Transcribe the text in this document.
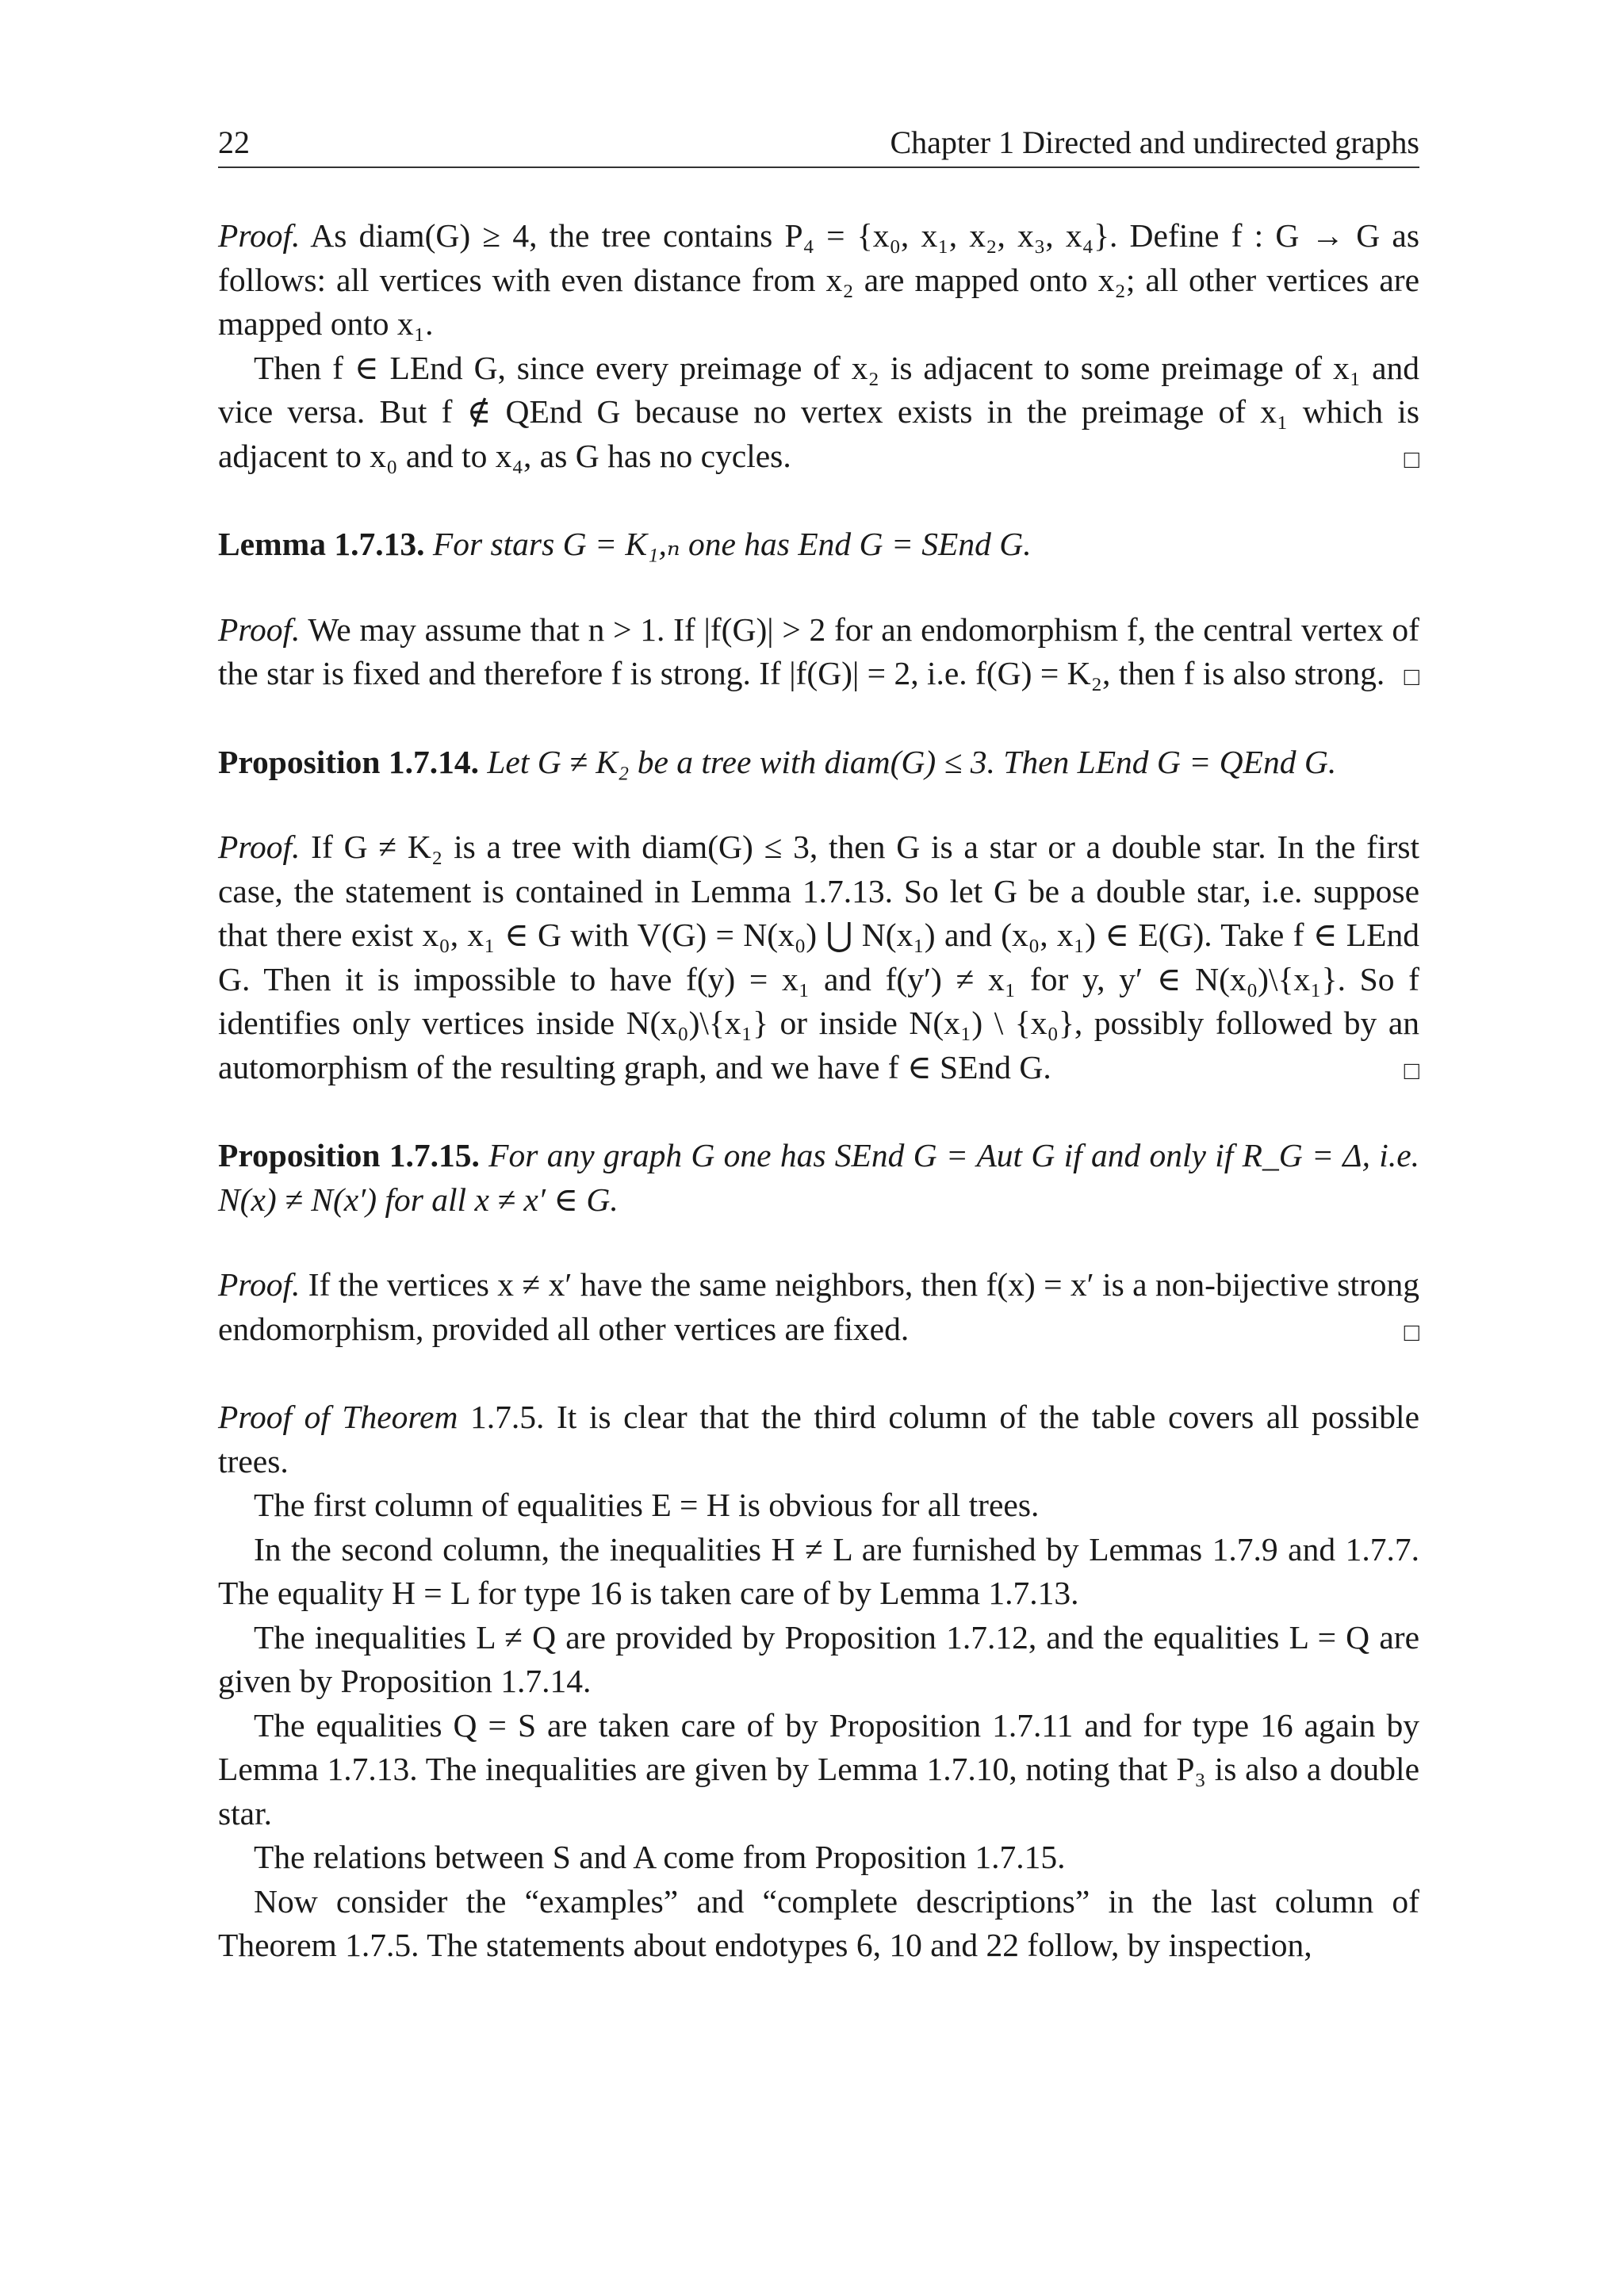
22	Chapter 1 Directed and undirected graphs

Proof. As diam(G) ≥ 4, the tree contains P₄ = {x₀, x₁, x₂, x₃, x₄}. Define f : G → G as follows: all vertices with even distance from x₂ are mapped onto x₂; all other vertices are mapped onto x₁.

Then f ∈ LEnd G, since every preimage of x₂ is adjacent to some preimage of x₁ and vice versa. But f ∉ QEnd G because no vertex exists in the preimage of x₁ which is adjacent to x₀ and to x₄, as G has no cycles.	□

Lemma 1.7.13. For stars G = K₁,ₙ one has End G = SEnd G.

Proof. We may assume that n > 1. If |f(G)| > 2 for an endomorphism f, the central vertex of the star is fixed and therefore f is strong. If |f(G)| = 2, i.e. f(G) = K₂, then f is also strong. □

Proposition 1.7.14. Let G ≠ K₂ be a tree with diam(G) ≤ 3. Then LEnd G = QEnd G.

Proof. If G ≠ K₂ is a tree with diam(G) ≤ 3, then G is a star or a double star. In the first case, the statement is contained in Lemma 1.7.13. So let G be a double star, i.e. suppose that there exist x₀, x₁ ∈ G with V(G) = N(x₀) ⋃ N(x₁) and (x₀, x₁) ∈ E(G). Take f ∈ LEnd G. Then it is impossible to have f(y) = x₁ and f(y′) ≠ x₁ for y, y′ ∈ N(x₀)\{x₁}. So f identifies only vertices inside N(x₀)\{x₁} or inside N(x₁) \ {x₀}, possibly followed by an automorphism of the resulting graph, and we have f ∈ SEnd G.	□

Proposition 1.7.15. For any graph G one has SEnd G = Aut G if and only if R_G = Δ, i.e. N(x) ≠ N(x′) for all x ≠ x′ ∈ G.

Proof. If the vertices x ≠ x′ have the same neighbors, then f(x) = x′ is a non-bijective strong endomorphism, provided all other vertices are fixed.	□

Proof of Theorem 1.7.5. It is clear that the third column of the table covers all possible trees.

The first column of equalities E = H is obvious for all trees.

In the second column, the inequalities H ≠ L are furnished by Lemmas 1.7.9 and 1.7.7. The equality H = L for type 16 is taken care of by Lemma 1.7.13.

The inequalities L ≠ Q are provided by Proposition 1.7.12, and the equalities L = Q are given by Proposition 1.7.14.

The equalities Q = S are taken care of by Proposition 1.7.11 and for type 16 again by Lemma 1.7.13. The inequalities are given by Lemma 1.7.10, noting that P₃ is also a double star.

The relations between S and A come from Proposition 1.7.15.

Now consider the “examples” and “complete descriptions” in the last column of Theorem 1.7.5. The statements about endotypes 6, 10 and 22 follow, by inspection,
